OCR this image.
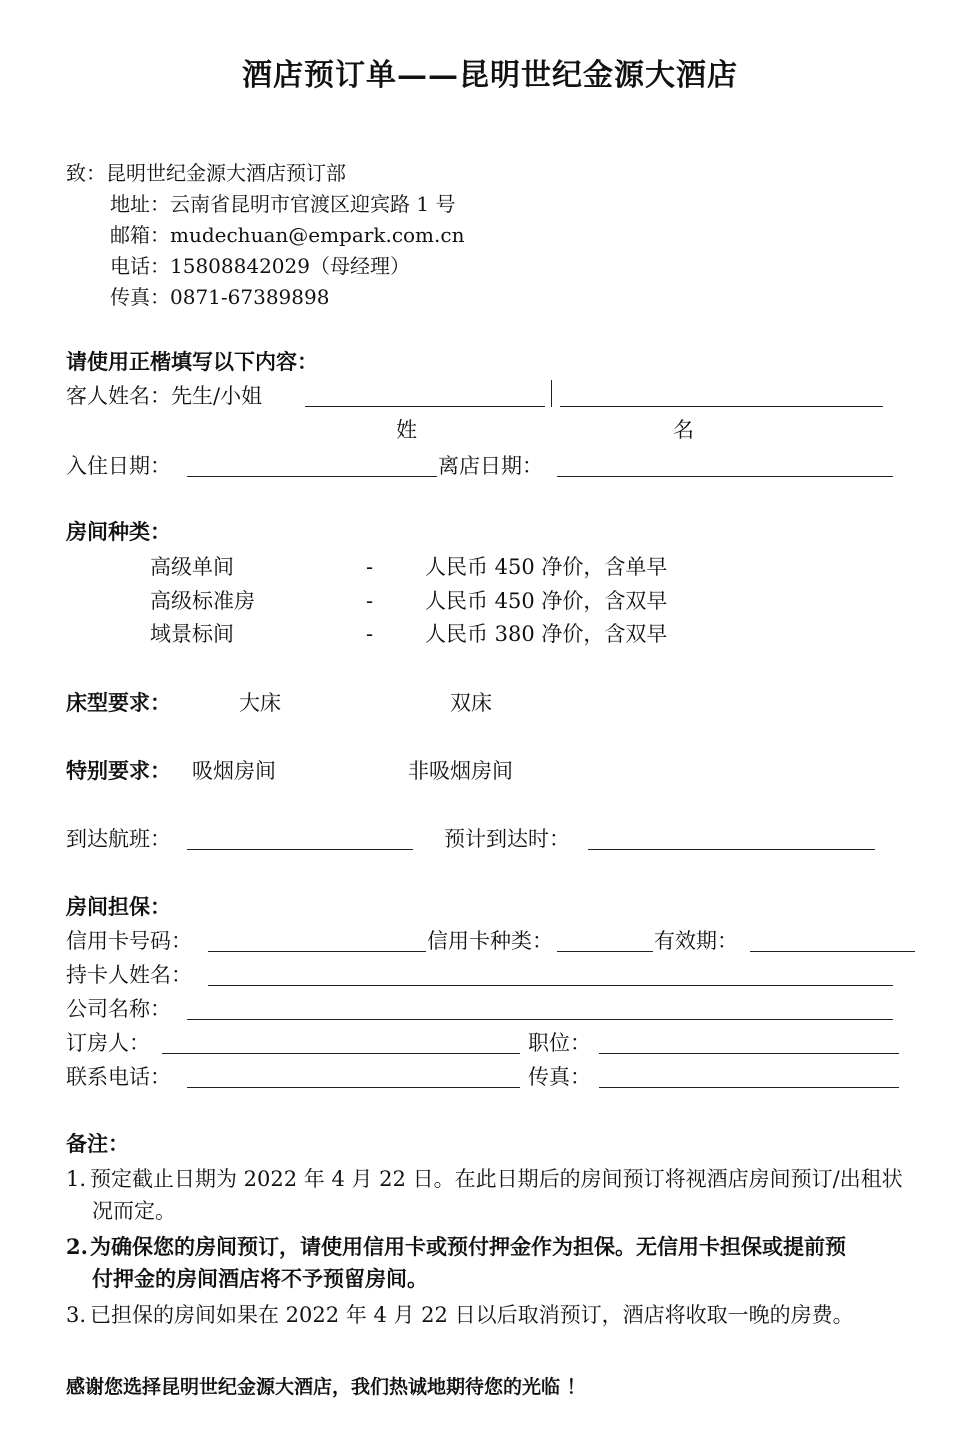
酒店预订单——昆明世纪金源大酒店
致：昆明世纪金源大酒店预订部
地址：云南省昆明市官渡区迎宾路 1 号
邮箱：mudechuan@empark.com.cn
电话：15808842029（母经理）
传真：0871-67389898
请使用正楷填写以下内容：
客人姓名：先生/小姐
姓	名
入住日期：	离店日期：
房间种类：
高级单间	- 人民币 450 净价，含单早
高级标准房	- 人民币 450 净价，含双早
域景标间	- 人民币 380 净价，含双早
床型要求：	大床	双床
特别要求： 吸烟房间	非吸烟房间
到达航班：	预计到达时：
房间担保：
信用卡号码：	信用卡种类：	有效期：
持卡人姓名：
公司名称：
订房人：	职位：
联系电话：	传真：
备注：
1. 预定截止日期为 2022 年 4 月 22 日。在此日期后的房间预订将视酒店房间预订/出租状
况而定。
2.为确保您的房间预订，请使用信用卡或预付押金作为担保。无信用卡担保或提前预
付押金的房间酒店将不予预留房间。
3. 已担保的房间如果在 2022 年 4 月 22 日以后取消预订，酒店将收取一晚的房费。
感谢您选择昆明世纪金源大酒店，我们热诚地期待您的光临 ！
